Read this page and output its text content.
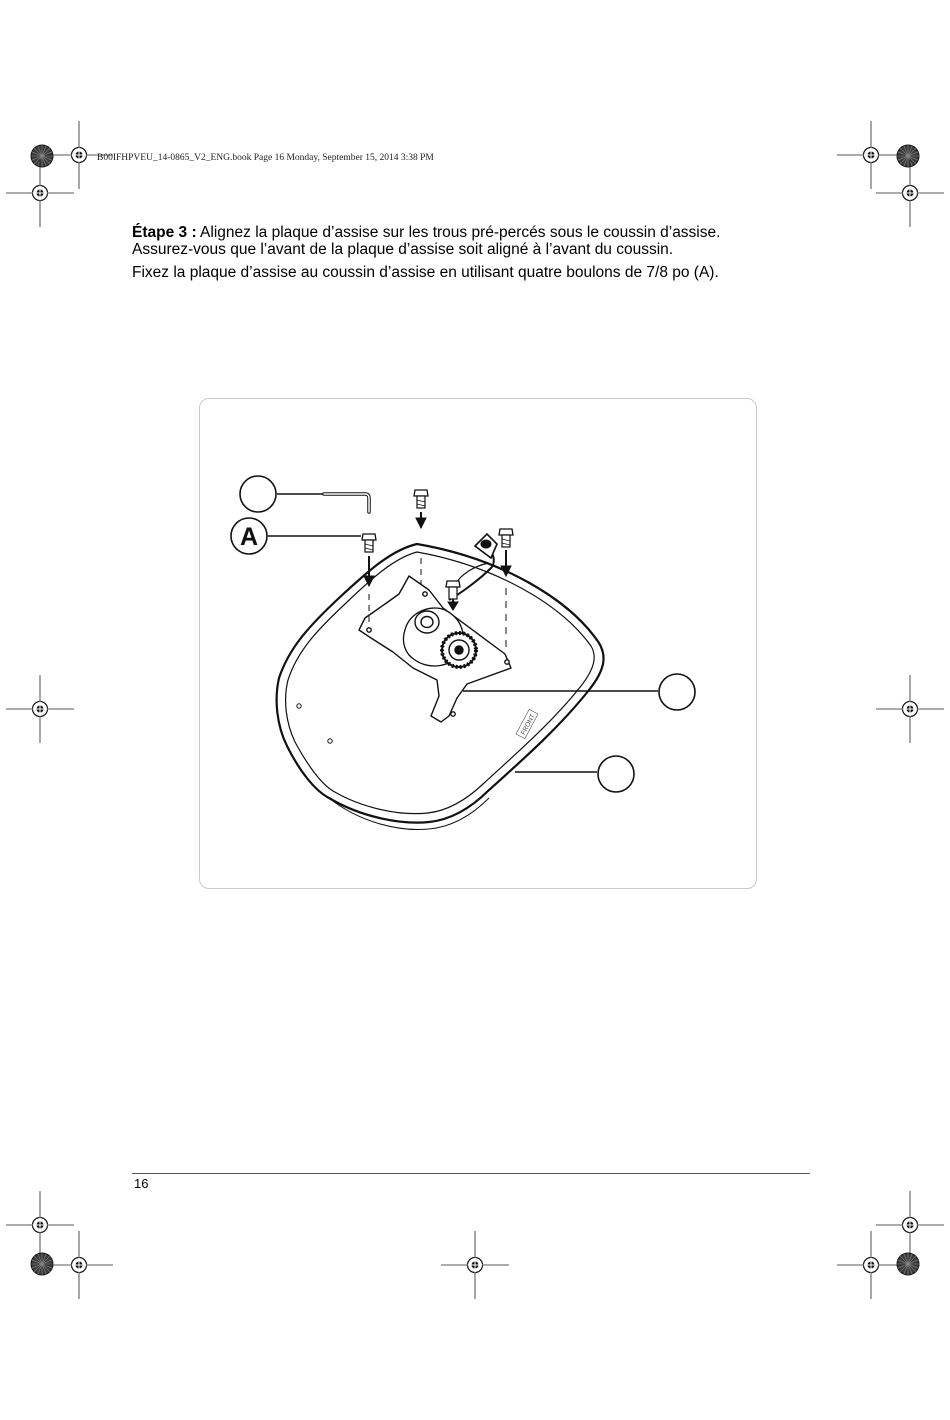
B00IFHPVEU_14-0865_V2_ENG.book Page 16 Monday, September 15, 2014 3:38 PM
Étape 3 : Alignez la plaque d’assise sur les trous pré-percés sous le coussin d’assise.
Assurez-vous que l’avant de la plaque d’assise soit aligné à l’avant du coussin.
Fixez la plaque d’assise au coussin d’assise en utilisant quatre boulons de 7/8 po (A).
FRONT
A
16
